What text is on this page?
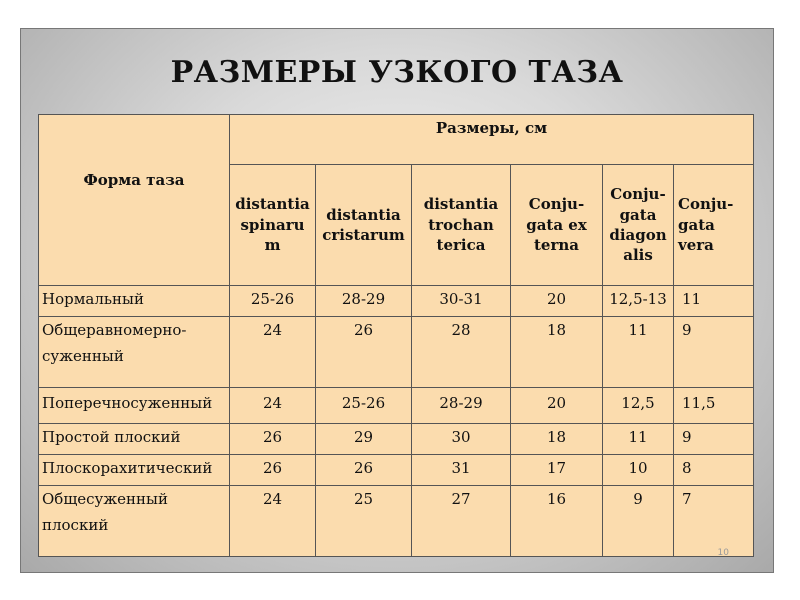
РАЗМЕРЫ УЗКОГО ТАЗА
Форма таза	Размеры, см					
	distantia spinaru m	distantia cristarum	distantia trochan terica	Conju- gata ex terna	Conju- gata diagon alis	Conju- gata vera
Нормальный	25-26	28-29	30-31	20	12,5-13	11
Общеравномерно- суженный	24	26	28	18	11	9
Поперечносуженный	24	25-26	28-29	20	12,5	11,5
Простой плоский	26	29	30	18	11	9
Плоскорахитический	26	26	31	17	10	8
Общесуженный плоский	24	25	27	16	9	7
10
